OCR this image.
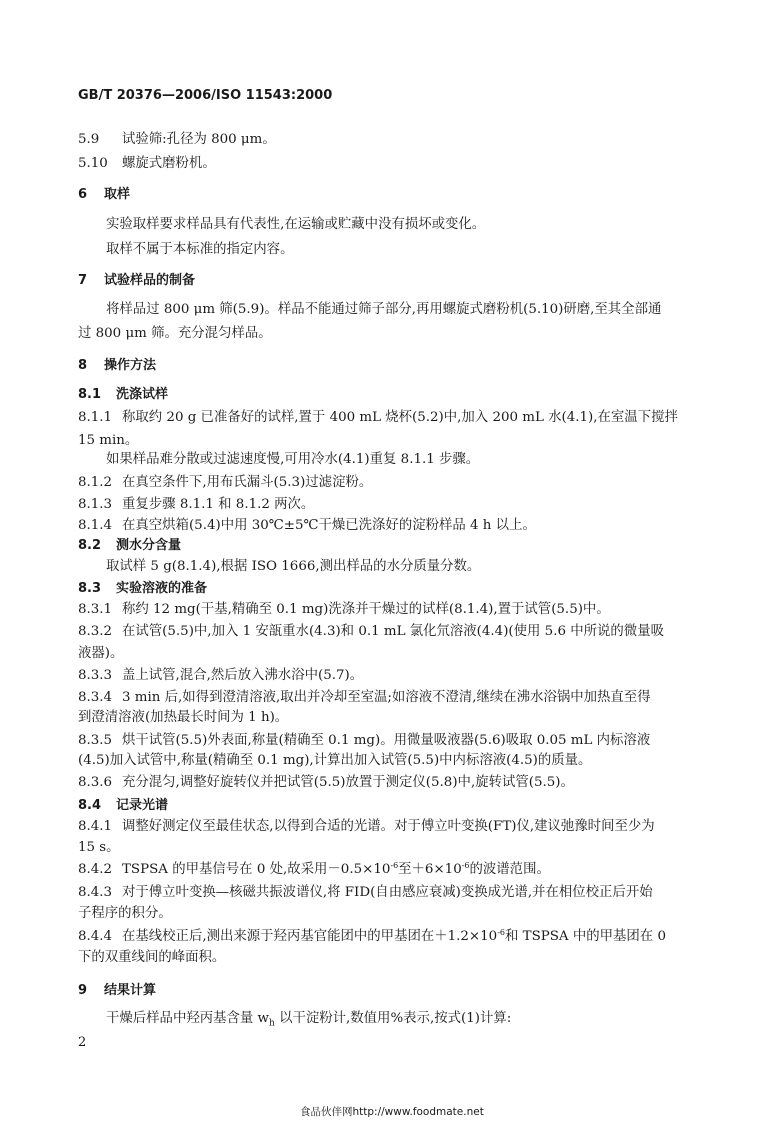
GB/T 20376—2006/ISO 11543:2000
5.9 试验筛:孔径为 800 μm。
5.10 螺旋式磨粉机。
6 取样
实验取样要求样品具有代表性,在运输或贮藏中没有损坏或变化。
取样不属于本标准的指定内容。
7 试验样品的制备
将样品过 800 μm 筛(5.9)。样品不能通过筛子部分,再用螺旋式磨粉机(5.10)研磨,至其全部通
过 800 μm 筛。充分混匀样品。
8 操作方法
8.1 洗涤试样
8.1.1 称取约 20 g 已准备好的试样,置于 400 mL 烧杯(5.2)中,加入 200 mL 水(4.1),在室温下搅拌
15 min。
如果样品难分散或过滤速度慢,可用冷水(4.1)重复 8.1.1 步骤。
8.1.2 在真空条件下,用布氏漏斗(5.3)过滤淀粉。
8.1.3 重复步骤 8.1.1 和 8.1.2 两次。
8.1.4 在真空烘箱(5.4)中用 30℃±5℃干燥已洗涤好的淀粉样品 4 h 以上。
8.2 测水分含量
取试样 5 g(8.1.4),根据 ISO 1666,测出样品的水分质量分数。
8.3 实验溶液的准备
8.3.1 称约 12 mg(干基,精确至 0.1 mg)洗涤并干燥过的试样(8.1.4),置于试管(5.5)中。
8.3.2 在试管(5.5)中,加入 1 安瓿重水(4.3)和 0.1 mL 氯化氘溶液(4.4)(使用 5.6 中所说的微量吸
液器)。
8.3.3 盖上试管,混合,然后放入沸水浴中(5.7)。
8.3.4 3 min 后,如得到澄清溶液,取出并冷却至室温;如溶液不澄清,继续在沸水浴锅中加热直至得
到澄清溶液(加热最长时间为 1 h)。
8.3.5 烘干试管(5.5)外表面,称量(精确至 0.1 mg)。用微量吸液器(5.6)吸取 0.05 mL 内标溶液
(4.5)加入试管中,称量(精确至 0.1 mg),计算出加入试管(5.5)中内标溶液(4.5)的质量。
8.3.6 充分混匀,调整好旋转仪并把试管(5.5)放置于测定仪(5.8)中,旋转试管(5.5)。
8.4 记录光谱
8.4.1 调整好测定仪至最佳状态,以得到合适的光谱。对于傅立叶变换(FT)仪,建议弛豫时间至少为
15 s。
8.4.2 TSPSA 的甲基信号在 0 处,故采用$-0.5\times 10^{-6}$至$+6\times 10^{-6}$的波谱范围。
8.4.3 对于傅立叶变换—核磁共振波谱仪,将 FID(自由感应衰减)变换成光谱,并在相位校正后开始
子程序的积分。
8.4.4 在基线校正后,测出来源于羟丙基官能团中的甲基团在$+1.2\times 10^{-6}$和 TSPSA 中的甲基团在 0
下的双重线间的峰面积。
9 结果计算
干燥后样品中羟丙基含量 $w_h$ 以干淀粉计,数值用%表示,按式(1)计算:
2
食品伙伴网http://www.foodmate.net
